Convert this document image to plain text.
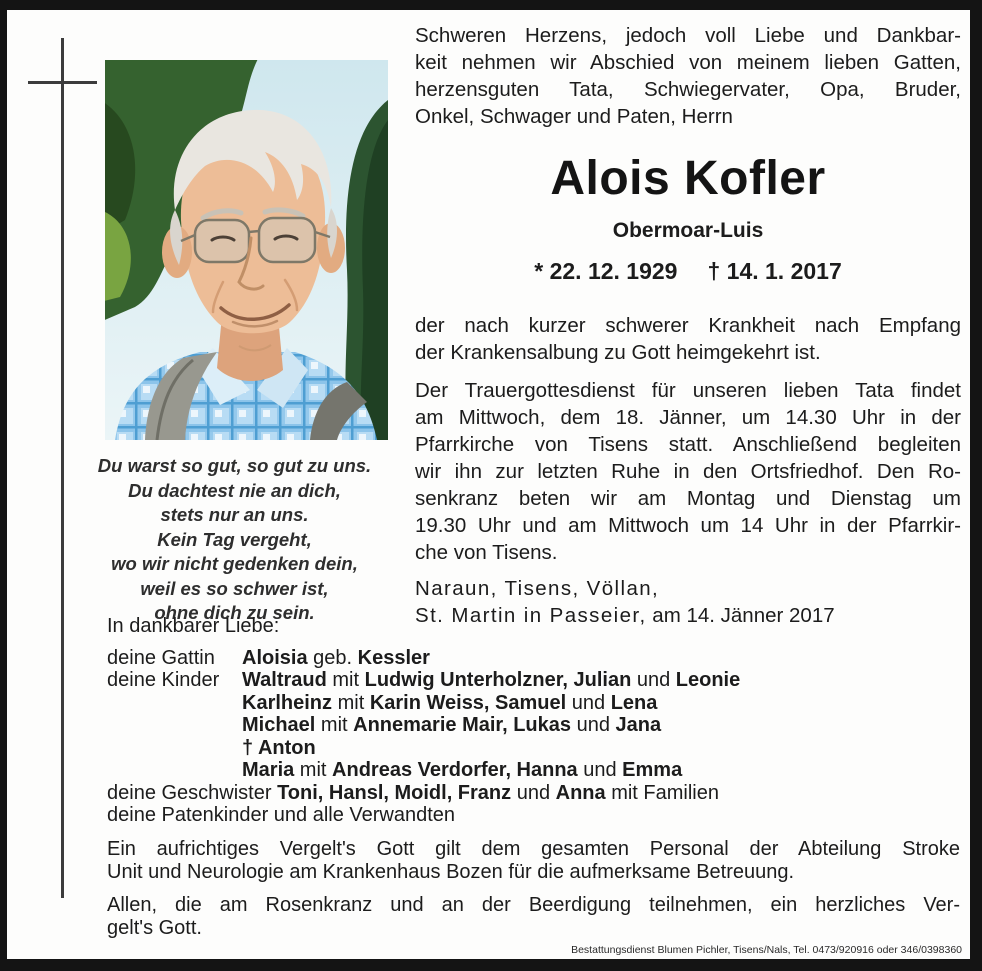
Du warst so gut, so gut zu uns.
Du dachtest nie an dich,
stets nur an uns.
Kein Tag vergeht,
wo wir nicht gedenken dein,
weil es so schwer ist,
ohne dich zu sein.
Schweren Herzens, jedoch voll Liebe und Dankbar-
keit nehmen wir Abschied von meinem lieben Gatten,
herzensguten Tata, Schwiegervater, Opa, Bruder,
Onkel, Schwager und Paten, Herrn
Alois Kofler
Obermoar-Luis
* 22. 12. 1929 † 14. 1. 2017
der nach kurzer schwerer Krankheit nach Empfang
der Krankensalbung zu Gott heimgekehrt ist.
Der Trauergottesdienst für unseren lieben Tata findet
am Mittwoch, dem 18. Jänner, um 14.30 Uhr in der
Pfarrkirche von Tisens statt. Anschließend begleiten
wir ihn zur letzten Ruhe in den Ortsfriedhof. Den Ro-
senkranz beten wir am Montag und Dienstag um
19.30 Uhr und am Mittwoch um 14 Uhr in der Pfarrkir-
che von Tisens.
Naraun, Tisens, Völlan,
St. Martin in Passeier, am 14. Jänner 2017
In dankbarer Liebe:
deine Gattin	Aloisia geb. Kessler
deine Kinder	Waltraud mit Ludwig Unterholzner, Julian und Leonie
Karlheinz mit Karin Weiss, Samuel und Lena
Michael mit Annemarie Mair, Lukas und Jana
† Anton
Maria mit Andreas Verdorfer, Hanna und Emma
deine Geschwister Toni, Hansl, Moidl, Franz und Anna mit Familien
deine Patenkinder und alle Verwandten
Ein aufrichtiges Vergelt's Gott gilt dem gesamten Personal der Abteilung Stroke
Unit und Neurologie am Krankenhaus Bozen für die aufmerksame Betreuung.
Allen, die am Rosenkranz und an der Beerdigung teilnehmen, ein herzliches Ver-
gelt's Gott.
Bestattungsdienst Blumen Pichler, Tisens/Nals, Tel. 0473/920916 oder 346/0398360
